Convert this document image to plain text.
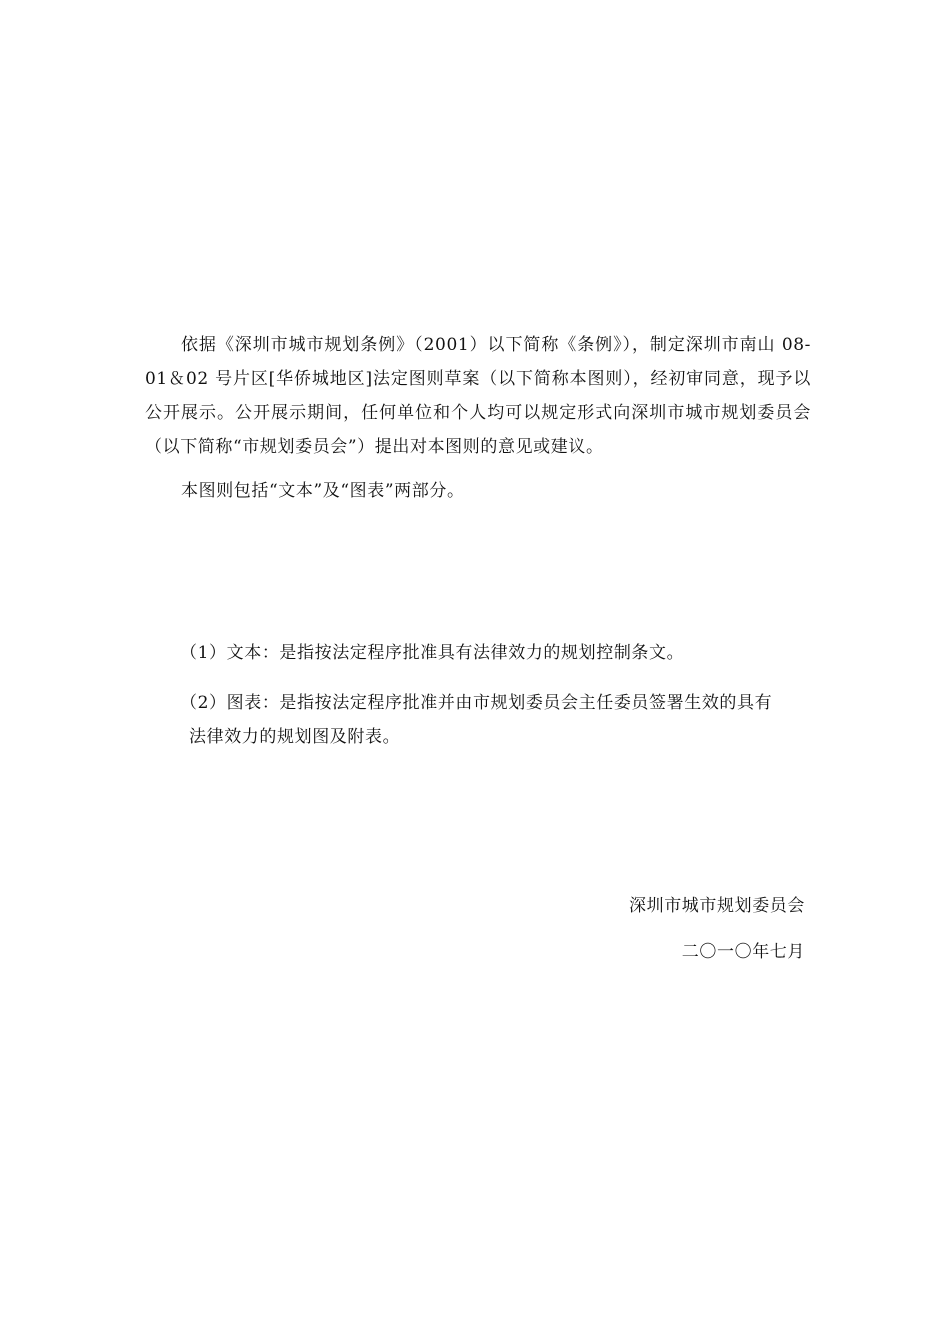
依据《深圳市城市规划条例》（2001）以下简称《条例》），制定深圳市南山 08-01＆02 号片区[华侨城地区]法定图则草案（以下简称本图则），经初审同意，现予以公开展示。公开展示期间，任何单位和个人均可以规定形式向深圳市城市规划委员会（以下简称“市规划委员会”）提出对本图则的意见或建议。

本图则包括“文本”及“图表”两部分。

（1）文本：是指按法定程序批准具有法律效力的规划控制条文。

（2）图表：是指按法定程序批准并由市规划委员会主任委员签署生效的具有
法律效力的规划图及附表。

深圳市城市规划委员会

二〇一〇年七月
